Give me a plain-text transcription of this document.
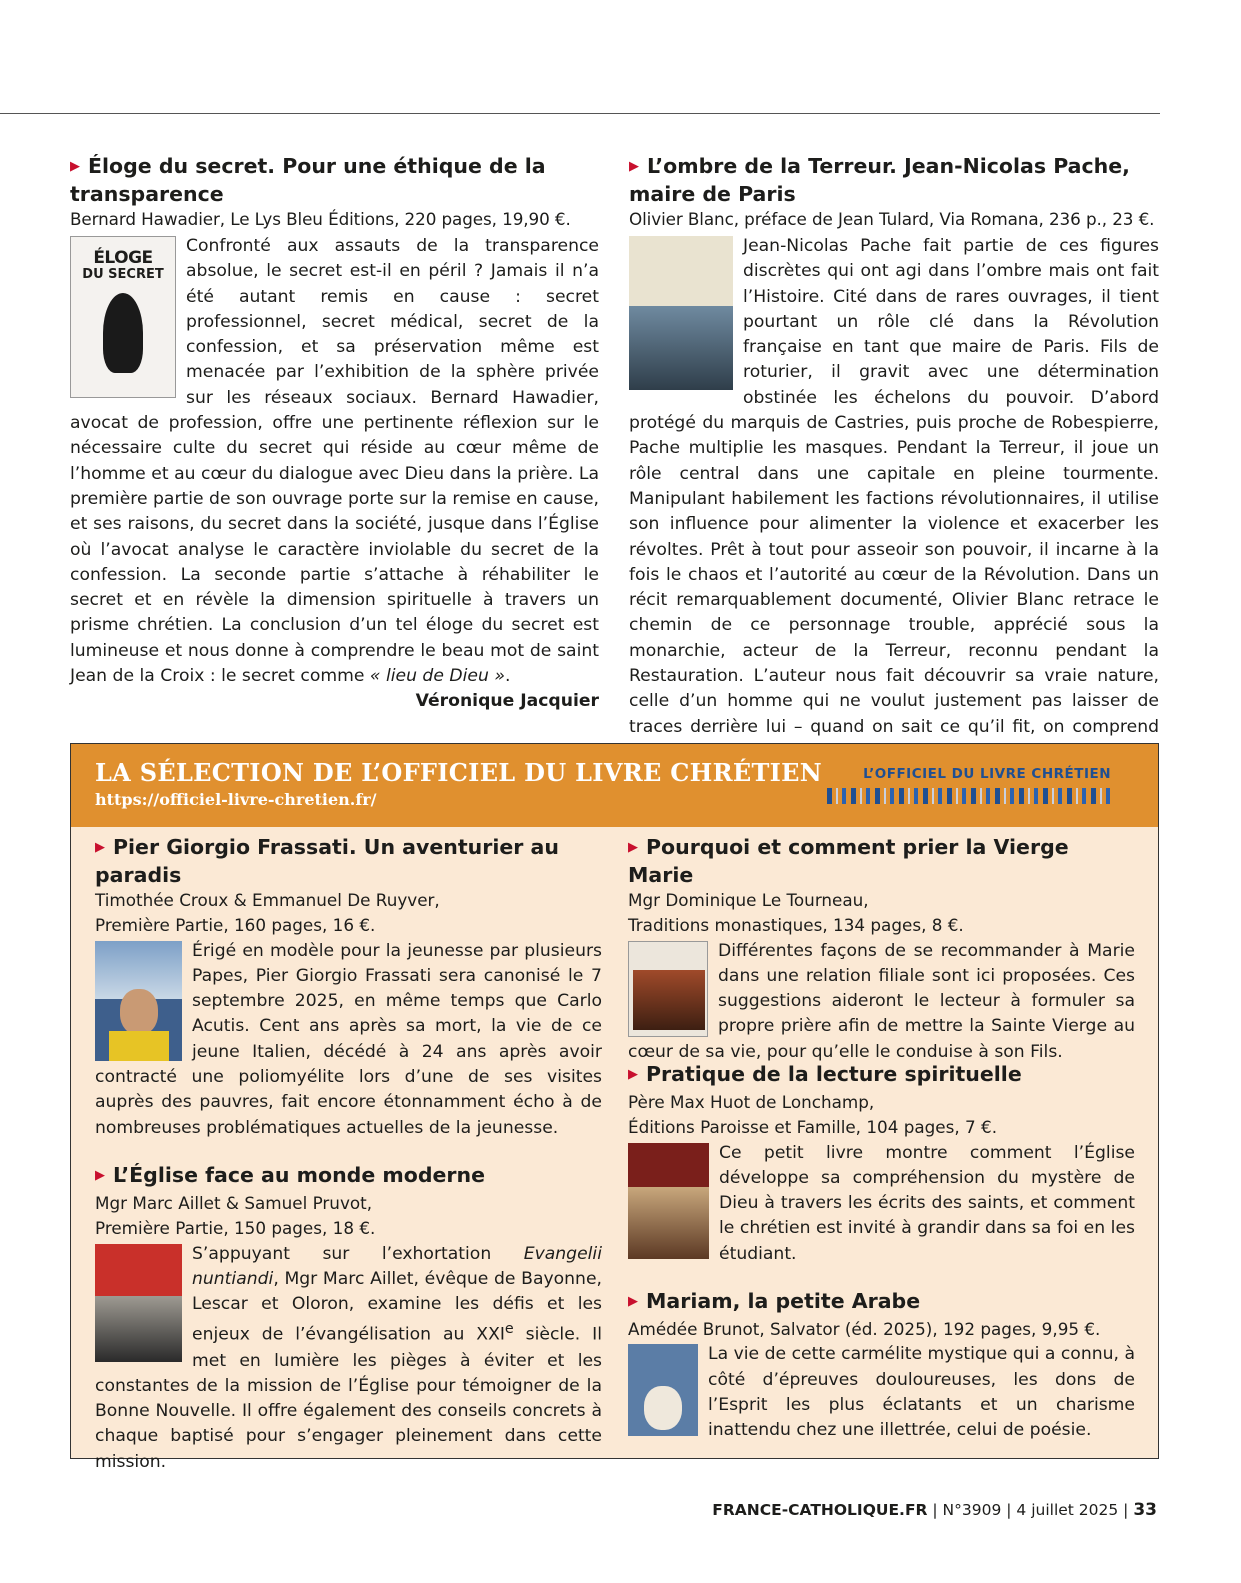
▶ Éloge du secret. Pour une éthique de la transparence

Bernard Hawadier, Le Lys Bleu Éditions, 220 pages, 19,90 €.

ÉLOGE
DU SECRET

Confronté aux assauts de la transparence absolue, le secret est-il en péril ? Jamais il n’a été autant remis en cause : secret professionnel, secret médical, secret de la confession, et sa préservation même est menacée par l’exhibition de la sphère privée sur les réseaux sociaux. Bernard Hawadier, avocat de profession, offre une pertinente réflexion sur le nécessaire culte du secret qui réside au cœur même de l’homme et au cœur du dialogue avec Dieu dans la prière. La première partie de son ouvrage porte sur la remise en cause, et ses raisons, du secret dans la société, jusque dans l’Église où l’avocat analyse le caractère inviolable du secret de la confession. La seconde partie s’attache à réhabiliter le secret et en révèle la dimension spirituelle à travers un prisme chrétien. La conclusion d’un tel éloge du secret est lumineuse et nous donne à comprendre le beau mot de saint Jean de la Croix : le secret comme « lieu de Dieu ».

Véronique Jacquier

▶ L’ombre de la Terreur. Jean-Nicolas Pache, maire de Paris

Olivier Blanc, préface de Jean Tulard, Via Romana, 236 p., 23 €.

Jean-Nicolas Pache fait partie de ces figures discrètes qui ont agi dans l’ombre mais ont fait l’Histoire. Cité dans de rares ouvrages, il tient pourtant un rôle clé dans la Révolution française en tant que maire de Paris. Fils de roturier, il gravit avec une détermination obstinée les échelons du pouvoir. D’abord protégé du marquis de Castries, puis proche de Robespierre, Pache multiplie les masques. Pendant la Terreur, il joue un rôle central dans une capitale en pleine tourmente. Manipulant habilement les factions révolutionnaires, il utilise son influence pour alimenter la violence et exacerber les révoltes. Prêt à tout pour asseoir son pouvoir, il incarne à la fois le chaos et l’autorité au cœur de la Révolution. Dans un récit remarquablement documenté, Olivier Blanc retrace le chemin de ce personnage trouble, apprécié sous la monarchie, acteur de la Terreur, reconnu pendant la Restauration. L’auteur nous fait découvrir sa vraie nature, celle d’un homme qui ne voulut justement pas laisser de traces derrière lui – quand on sait ce qu’il fit, on comprend

LA SÉLECTION DE L’OFFICIEL DU LIVRE CHRÉTIEN
https://officiel-livre-chretien.fr/
L’OFFICIEL DU LIVRE CHRÉTIEN

▶ Pier Giorgio Frassati. Un aventurier au paradis

Timothée Croux & Emmanuel De Ruyver,

Première Partie, 160 pages, 16 €.

Érigé en modèle pour la jeunesse par plusieurs Papes, Pier Giorgio Frassati sera canonisé le 7 septembre 2025, en même temps que Carlo Acutis. Cent ans après sa mort, la vie de ce jeune Italien, décédé à 24 ans après avoir contracté une poliomyélite lors d’une de ses visites auprès des pauvres, fait encore étonnamment écho à de nombreuses problématiques actuelles de la jeunesse.

▶ L’Église face au monde moderne

Mgr Marc Aillet & Samuel Pruvot,

Première Partie, 150 pages, 18 €.

S’appuyant sur l’exhortation Evangelii nuntiandi, Mgr Marc Aillet, évêque de Bayonne, Lescar et Oloron, examine les défis et les enjeux de l’évangélisation au XXIe siècle. Il met en lumière les pièges à éviter et les constantes de la mission de l’Église pour témoigner de la Bonne Nouvelle. Il offre également des conseils concrets à chaque baptisé pour s’engager pleinement dans cette mission.

▶ Pourquoi et comment prier la Vierge Marie

Mgr Dominique Le Tourneau,

Traditions monastiques, 134 pages, 8 €.

Différentes façons de se recommander à Marie dans une relation filiale sont ici proposées. Ces suggestions aideront le lecteur à formuler sa propre prière afin de mettre la Sainte Vierge au cœur de sa vie, pour qu’elle le conduise à son Fils.

▶ Pratique de la lecture spirituelle

Père Max Huot de Lonchamp,

Éditions Paroisse et Famille, 104 pages, 7 €.

Ce petit livre montre comment l’Église développe sa compréhension du mystère de Dieu à travers les écrits des saints, et comment le chrétien est invité à grandir dans sa foi en les étudiant.

▶ Mariam, la petite Arabe

Amédée Brunot, Salvator (éd. 2025), 192 pages, 9,95 €.

La vie de cette carmélite mystique qui a connu, à côté d’épreuves douloureuses, les dons de l’Esprit les plus éclatants et un charisme inattendu chez une illettrée, celui de poésie.

FRANCE-CATHOLIQUE.FR | N°3909 | 4 juillet 2025 | 33
